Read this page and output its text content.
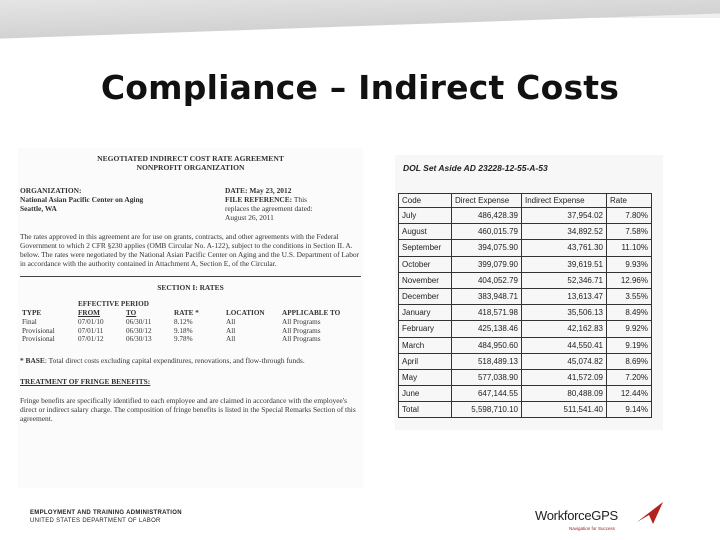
Compliance – Indirect Costs
NEGOTIATED INDIRECT COST RATE AGREEMENT
NONPROFIT ORGANIZATION
ORGANIZATION:
National Asian Pacific Center on Aging
Seattle, WA
DATE: May 23, 2012
FILE REFERENCE: This
replaces the agreement dated:
August 26, 2011
The rates approved in this agreement are for use on grants, contracts, and other agreements with the Federal Government to which 2 CFR §230 applies (OMB Circular No. A-122), subject to the conditions in Section II. A. below. The rates were negotiated by the National Asian Pacific Center on Aging and the U.S. Department of Labor in accordance with the authority contained in Attachment A, Section E, of the Circular.
SECTION I: RATES
TYPE	EFFECTIVE PERIOD		RATE *	LOCATION	APPLICABLE TO
	FROM	TO			
Final	07/01/10	06/30/11	8.12%	All	All Programs
Provisional	07/01/11	06/30/12	9.18%	All	All Programs
Provisional	07/01/12	06/30/13	9.78%	All	All Programs
* BASE: Total direct costs excluding capital expenditures, renovations, and flow-through funds.
TREATMENT OF FRINGE BENEFITS:
Fringe benefits are specifically identified to each employee and are claimed in accordance with the employee's direct or indirect salary charge. The composition of fringe benefits is listed in the Special Remarks Section of this agreement.
DOL Set Aside AD 23228-12-55-A-53
Code	Direct Expense	Indirect Expense	Rate
July	486,428.39	37,954.02	7.80%
August	460,015.79	34,892.52	7.58%
September	394,075.90	43,761.30	11.10%
October	399,079.90	39,619.51	9.93%
November	404,052.79	52,346.71	12.96%
December	383,948.71	13,613.47	3.55%
January	418,571.98	35,506.13	8.49%
February	425,138.46	42,162.83	9.92%
March	484,950.60	44,550.41	9.19%
April	518,489.13	45,074.82	8.69%
May	577,038.90	41,572.09	7.20%
June	647,144.55	80,488.09	12.44%
Total	5,598,710.10	511,541.40	9.14%
EMPLOYMENT AND TRAINING ADMINISTRATION
UNITED STATES DEPARTMENT OF LABOR	WorkforceGPS
Navigation for Success
